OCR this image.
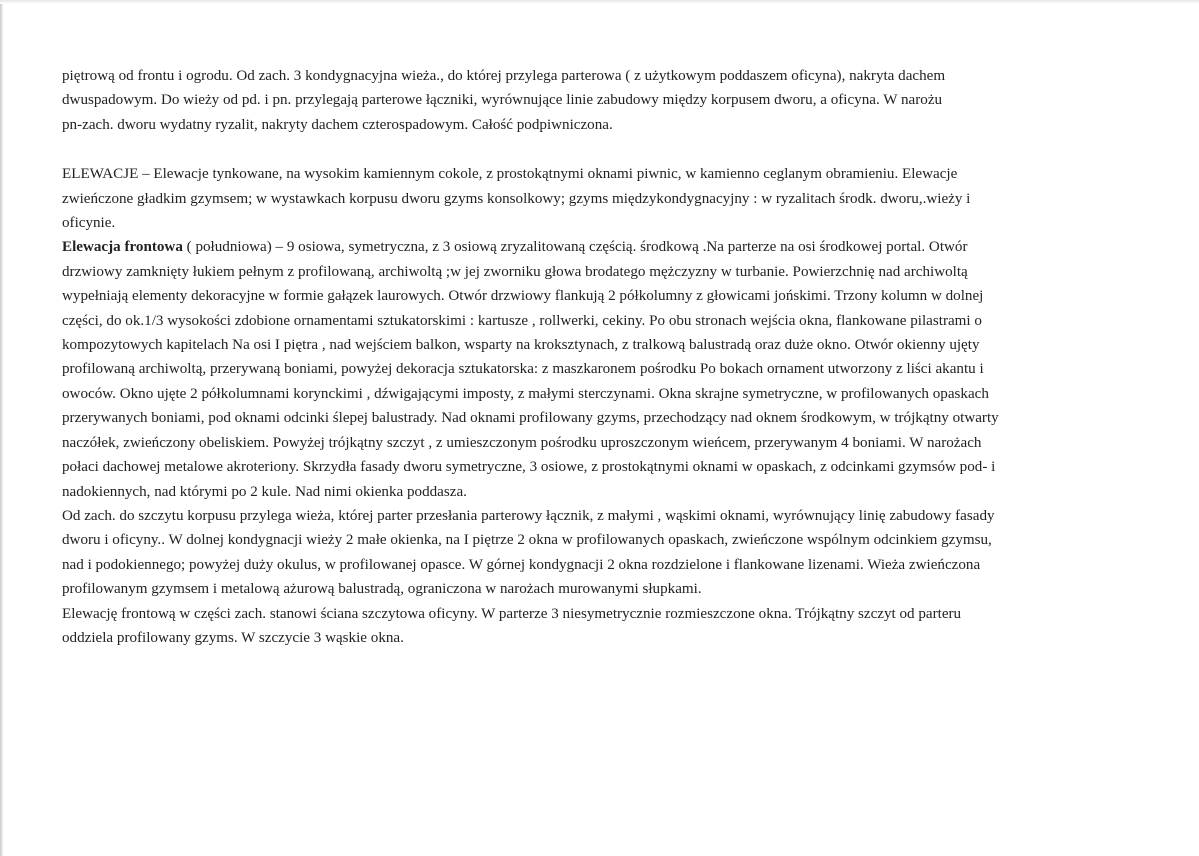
piętrową od frontu i ogrodu. Od zach. 3 kondygnacyjna wieża., do której przylega parterowa ( z użytkowym poddaszem oficyna), nakryta dachem

dwuspadowym. Do wieży od pd. i pn. przylegają parterowe łączniki, wyrównujące linie zabudowy między korpusem dworu, a oficyna. W narożu

pn-zach. dworu wydatny ryzalit, nakryty dachem czterospadowym. Całość podpiwniczona.

ELEWACJE – Elewacje tynkowane, na wysokim kamiennym cokole, z prostokątnymi oknami piwnic, w kamienno ceglanym obramieniu. Elewacje

zwieńczone gładkim gzymsem; w wystawkach korpusu dworu gzyms konsolkowy; gzyms międzykondygnacyjny : w ryzalitach środk. dworu,.wieży i

oficynie.

Elewacja frontowa ( południowa) – 9 osiowa, symetryczna, z 3 osiową zryzalitowaną częścią. środkową .Na parterze na osi środkowej portal. Otwór

drzwiowy zamknięty łukiem pełnym z profilowaną, archiwoltą ;w jej zworniku głowa brodatego mężczyzny w turbanie. Powierzchnię nad archiwoltą

wypełniają elementy dekoracyjne w formie gałązek laurowych. Otwór drzwiowy flankują 2 półkolumny z głowicami jońskimi. Trzony kolumn w dolnej

części, do ok.1/3 wysokości zdobione ornamentami sztukatorskimi : kartusze , rollwerki, cekiny. Po obu stronach wejścia okna, flankowane pilastrami o

kompozytowych kapitelach Na osi I piętra , nad wejściem balkon, wsparty na kroksztynach, z tralkową balustradą oraz duże okno. Otwór okienny ujęty

profilowaną archiwoltą, przerywaną boniami, powyżej dekoracja sztukatorska: z maszkaronem pośrodku Po bokach ornament utworzony z liści akantu i

owoców. Okno ujęte 2 półkolumnami korynckimi , dźwigającymi imposty, z małymi sterczynami. Okna skrajne symetryczne, w profilowanych opaskach

przerywanych boniami, pod oknami odcinki ślepej balustrady. Nad oknami profilowany gzyms, przechodzący nad oknem środkowym, w trójkątny otwarty

naczółek, zwieńczony obeliskiem. Powyżej trójkątny szczyt , z umieszczonym pośrodku uproszczonym wieńcem, przerywanym 4 boniami. W narożach

połaci dachowej metalowe akroteriony. Skrzydła fasady dworu symetryczne, 3 osiowe, z prostokątnymi oknami w opaskach, z odcinkami gzymsów pod- i

nadokiennych, nad którymi po 2 kule. Nad nimi okienka poddasza.

Od zach. do szczytu korpusu przylega wieża, której parter przesłania parterowy łącznik, z małymi , wąskimi oknami, wyrównujący linię zabudowy fasady

dworu i oficyny.. W dolnej kondygnacji wieży 2 małe okienka, na I piętrze 2 okna w profilowanych opaskach, zwieńczone wspólnym odcinkiem gzymsu,

nad i podokiennego; powyżej duży okulus, w profilowanej opasce. W górnej kondygnacji 2 okna rozdzielone i flankowane lizenami. Wieża zwieńczona

profilowanym gzymsem i metalową ażurową balustradą, ograniczona w narożach murowanymi słupkami.

Elewację frontową w części zach. stanowi ściana szczytowa oficyny. W parterze 3 niesymetrycznie rozmieszczone okna. Trójkątny szczyt od parteru

oddziela profilowany gzyms. W szczycie 3 wąskie okna.
